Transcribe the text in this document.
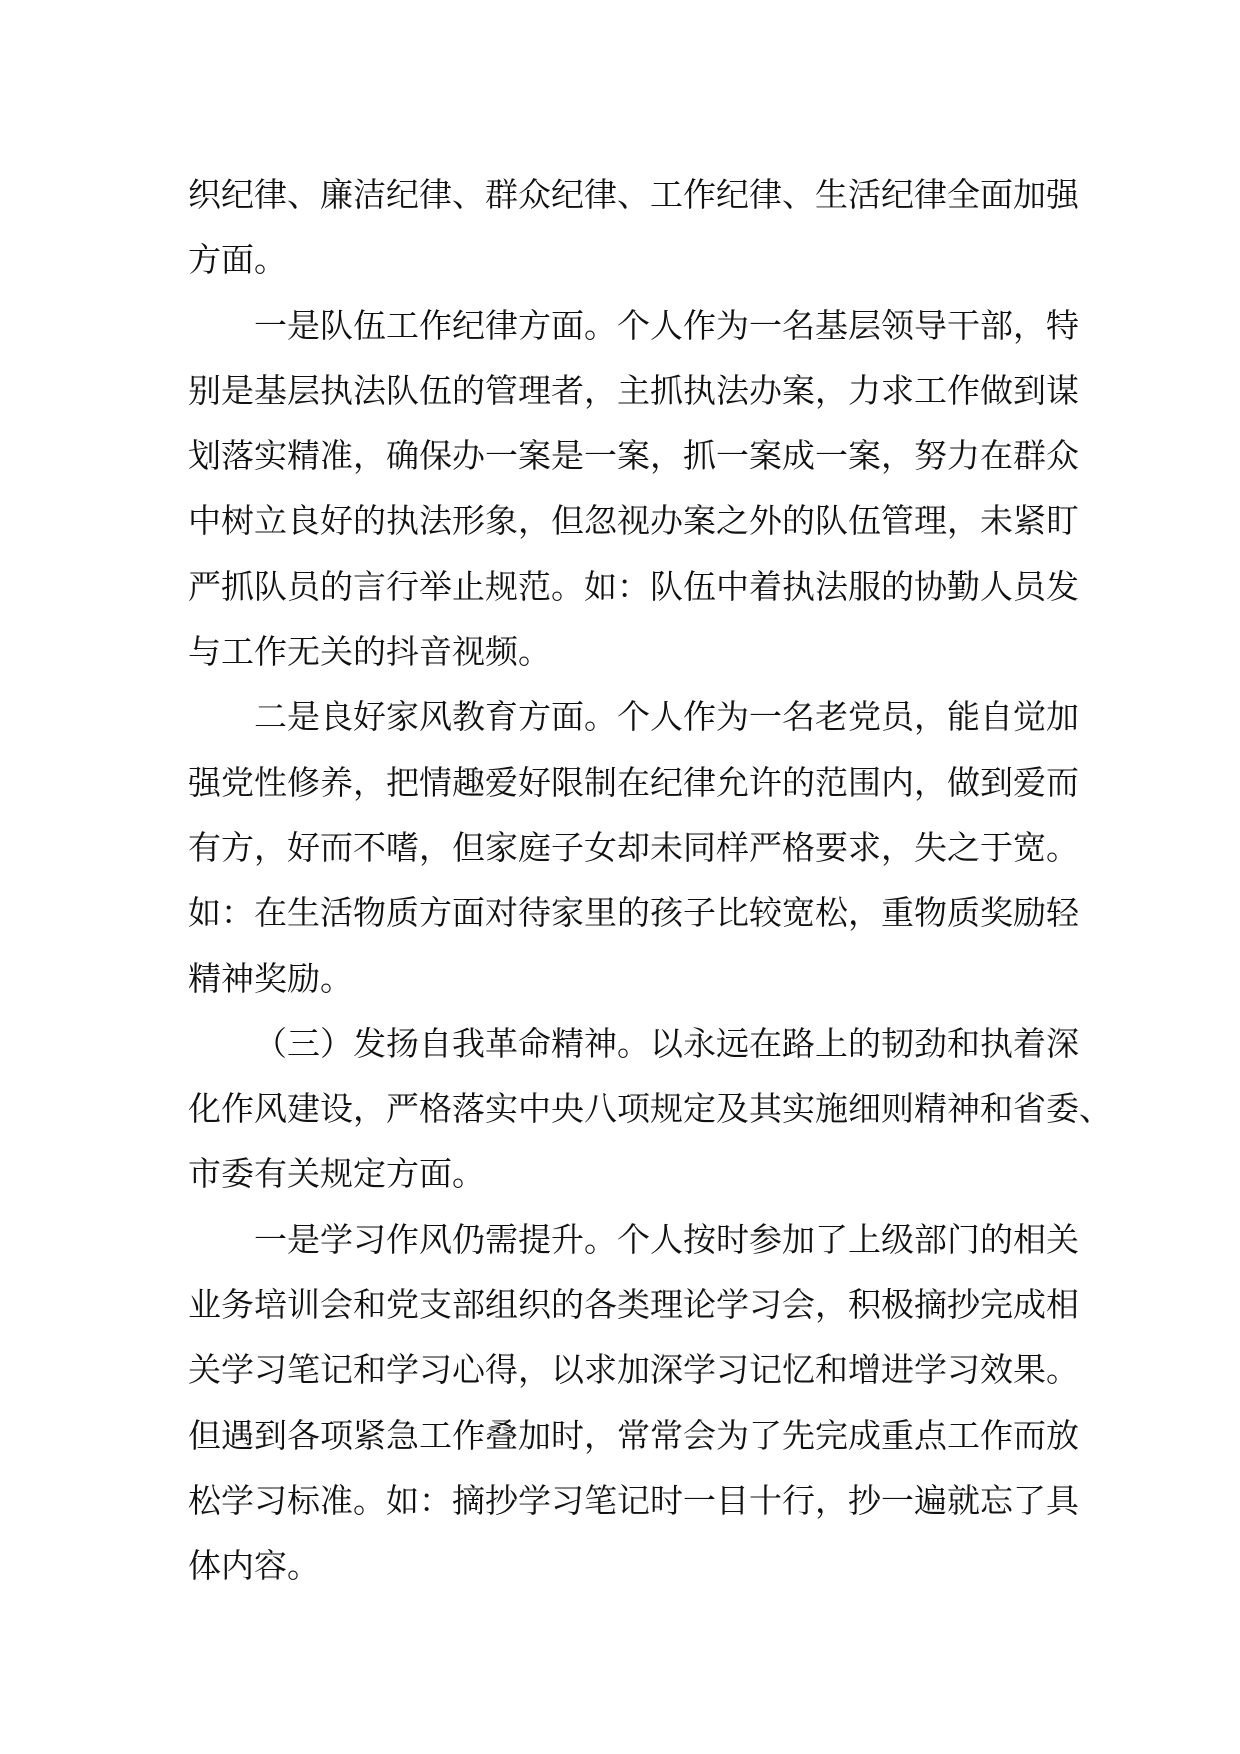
织纪律、廉洁纪律、群众纪律、工作纪律、生活纪律全面加强

方面。

一是队伍工作纪律方面。个人作为一名基层领导干部，特

别是基层执法队伍的管理者，主抓执法办案，力求工作做到谋

划落实精准，确保办一案是一案，抓一案成一案，努力在群众

中树立良好的执法形象，但忽视办案之外的队伍管理，未紧盯

严抓队员的言行举止规范。如：队伍中着执法服的协勤人员发

与工作无关的抖音视频。

二是良好家风教育方面。个人作为一名老党员，能自觉加

强党性修养，把情趣爱好限制在纪律允许的范围内，做到爱而

有方，好而不嗜，但家庭子女却未同样严格要求，失之于宽。

如：在生活物质方面对待家里的孩子比较宽松，重物质奖励轻

精神奖励。

（三）发扬自我革命精神。以永远在路上的韧劲和执着深

化作风建设，严格落实中央八项规定及其实施细则精神和省委、

市委有关规定方面。

一是学习作风仍需提升。个人按时参加了上级部门的相关

业务培训会和党支部组织的各类理论学习会，积极摘抄完成相

关学习笔记和学习心得，以求加深学习记忆和增进学习效果。

但遇到各项紧急工作叠加时，常常会为了先完成重点工作而放

松学习标准。如：摘抄学习笔记时一目十行，抄一遍就忘了具

体内容。
